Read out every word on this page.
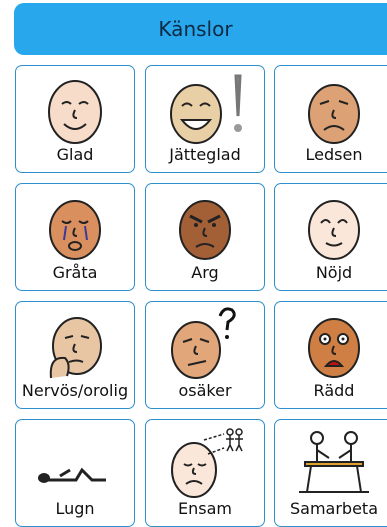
Känslor
Glad	Jätteglad	Ledsen
Gråta	Arg	Nöjd
Nervös/orolig	osäker	Rädd
Lugn	Ensam	Samarbeta
